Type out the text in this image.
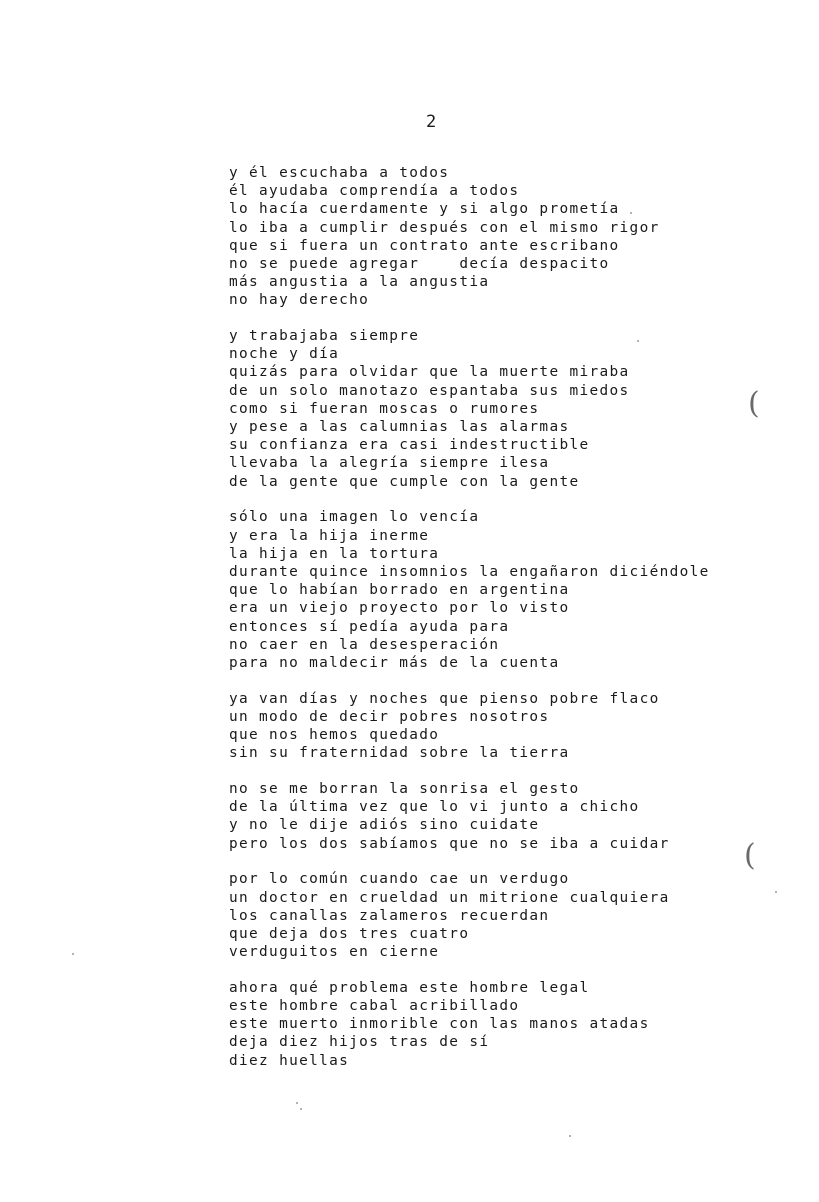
2
y él escuchaba a todos
él ayudaba comprendía a todos
lo hacía cuerdamente y si algo prometía
lo iba a cumplir después con el mismo rigor
que si fuera un contrato ante escribano
no se puede agregar    decía despacito
más angustia a la angustia
no hay derecho
y trabajaba siempre
noche y día
quizás para olvidar que la muerte miraba
de un solo manotazo espantaba sus miedos
como si fueran moscas o rumores
y pese a las calumnias las alarmas
su confianza era casi indestructible
llevaba la alegría siempre ilesa
de la gente que cumple con la gente
sólo una imagen lo vencía
y era la hija inerme
la hija en la tortura
durante quince insomnios la engañaron diciéndole
que lo habían borrado en argentina
era un viejo proyecto por lo visto
entonces sí pedía ayuda para
no caer en la desesperación
para no maldecir más de la cuenta
ya van días y noches que pienso pobre flaco
un modo de decir pobres nosotros
que nos hemos quedado
sin su fraternidad sobre la tierra
no se me borran la sonrisa el gesto
de la última vez que lo vi junto a chicho
y no le dije adiós sino cuidate
pero los dos sabíamos que no se iba a cuidar
por lo común cuando cae un verdugo
un doctor en crueldad un mitrione cualquiera
los canallas zalameros recuerdan
que deja dos tres cuatro
verduguitos en cierne
ahora qué problema este hombre legal
este hombre cabal acribillado
este muerto inmorible con las manos atadas
deja diez hijos tras de sí
diez huellas
(
(
